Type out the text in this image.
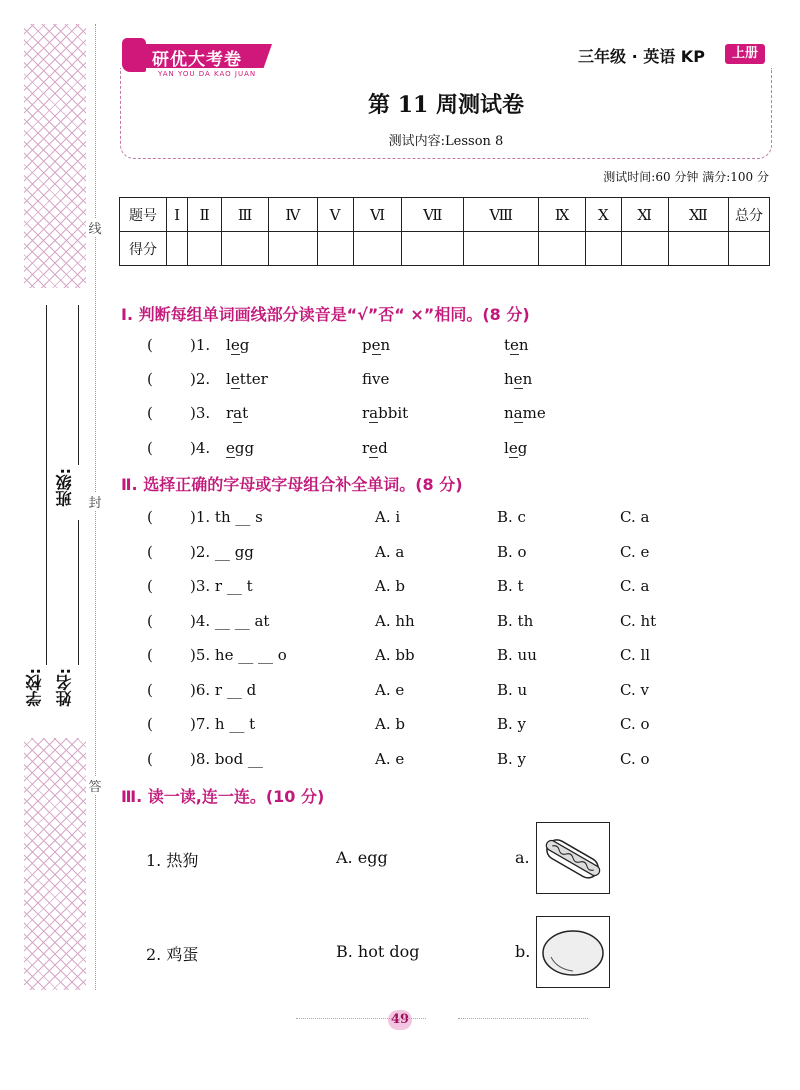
线
封
答
班级:
姓名:
学校:
研优大考卷
YAN YOU DA KAO JUAN
三年级 · 英语 KP	上册
第 11 周测试卷
测试内容:Lesson 8
测试时间:60 分钟 满分:100 分
题号	Ⅰ	Ⅱ	Ⅲ	Ⅳ	Ⅴ	Ⅵ	Ⅶ	Ⅷ	Ⅸ	Ⅹ	Ⅺ	Ⅻ	总分
得分													
Ⅰ. 判断每组单词画线部分读音是“√”否“ ×”相同。(8 分)
( )1. leg	pen	ten
( )2. letter	fve	hen
( )3. rat	rabbit	name
( )4. egg	red	leg
Ⅱ. 选择正确的字母或字母组合补全单词。(8 分)
( )1. th __ s	A. i	B. c	C. a
( )2. __ gg	A. a	B. o	C. e
( )3. r __ t	A. b	B. t	C. a
( )4. __ __ at	A. hh	B. th	C. ht
( )5. he __ __ o	A. bb	B. uu	C. ll
( )6. r __ d	A. e	B. u	C. v
( )7. h __ t	A. b	B. y	C. o
( )8. bod __	A. e	B. y	C. o
Ⅲ. 读一读,连一连。(10 分)
1. 热狗	A. egg	a.
2. 鸡蛋	B. hot dog	b.
49
